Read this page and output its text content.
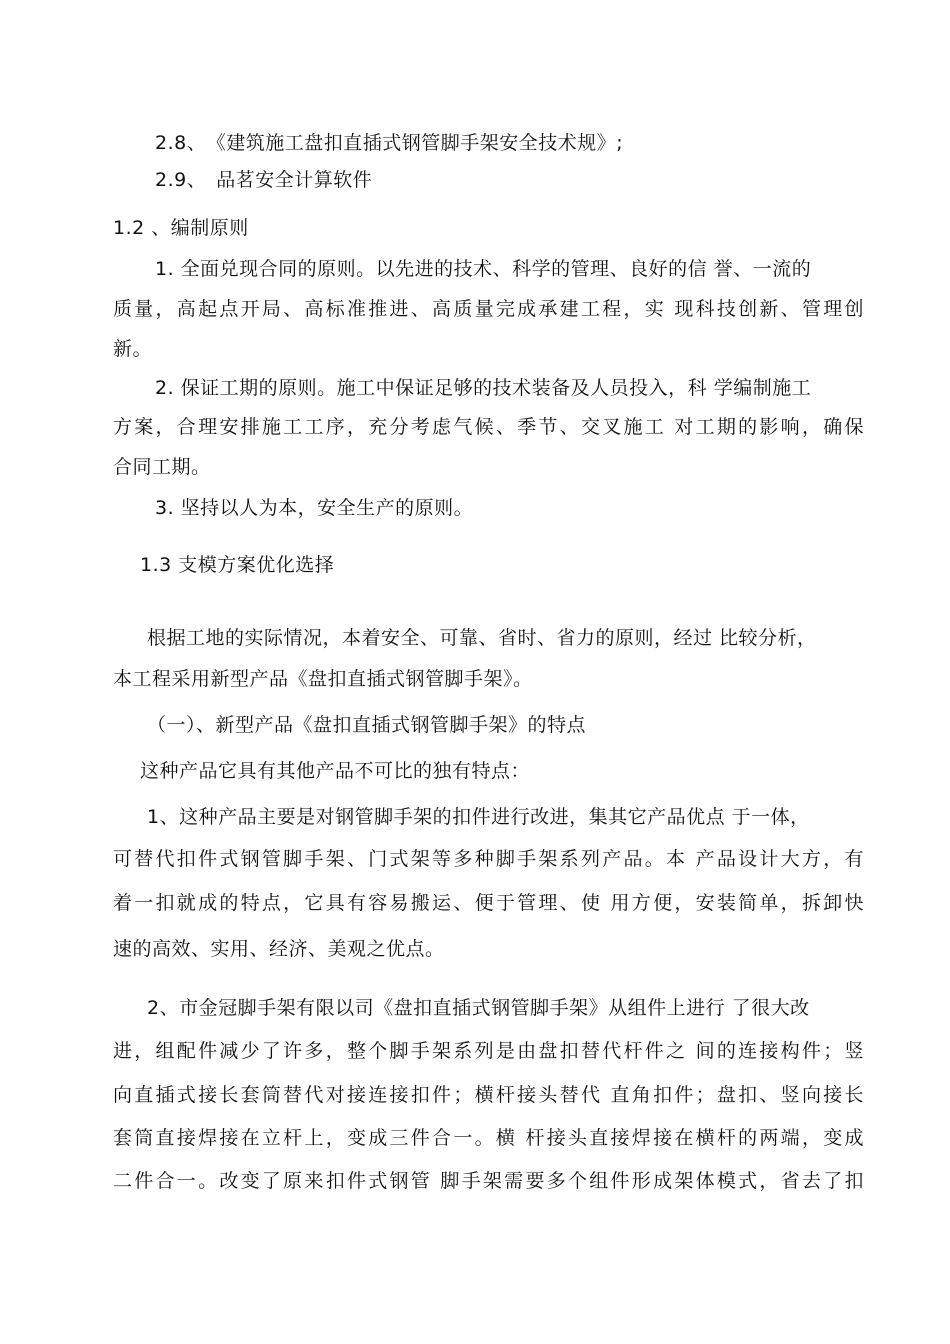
2.8、　《建筑施工盘扣直插式钢管脚手架安全技术规》;
2.9、　品茗安全计算软件
1.2 、编制原则
1. 全面兑现合同的原则。以先进的技术、科学的管理、良好的信 誉、一流的
质量，高起点开局、高标准推进、高质量完成承建工程，实 现科技创新、管理创
新。
2. 保证工期的原则。施工中保证足够的技术装备及人员投入，科 学编制施工
方案，合理安排施工工序，充分考虑气候、季节、交叉施工 对工期的影响，确保
合同工期。
3. 坚持以人为本，安全生产的原则。
1.3 支模方案优化选择
根据工地的实际情况，本着安全、可靠、省时、省力的原则，经过 比较分析，
本工程采用新型产品《盘扣直插式钢管脚手架》。
（一）、新型产品《盘扣直插式钢管脚手架》的特点
这种产品它具有其他产品不可比的独有特点：
1、这种产品主要是对钢管脚手架的扣件进行改进，集其它产品优点 于一体，
可替代扣件式钢管脚手架、门式架等多种脚手架系列产品。本 产品设计大方，有
着一扣就成的特点，它具有容易搬运、便于管理、使 用方便，安装简单，拆卸快
速的高效、实用、经济、美观之优点。
2、市金冠脚手架有限以司《盘扣直插式钢管脚手架》从组件上进行 了很大改
进，组配件减少了许多，整个脚手架系列是由盘扣替代杆件之 间的连接构件；竖
向直插式接长套筒替代对接连接扣件；横杆接头替代 直角扣件；盘扣、竖向接长
套筒直接焊接在立杆上，变成三件合一。横 杆接头直接焊接在横杆的两端，变成
二件合一。改变了原来扣件式钢管 脚手架需要多个组件形成架体模式，省去了扣
